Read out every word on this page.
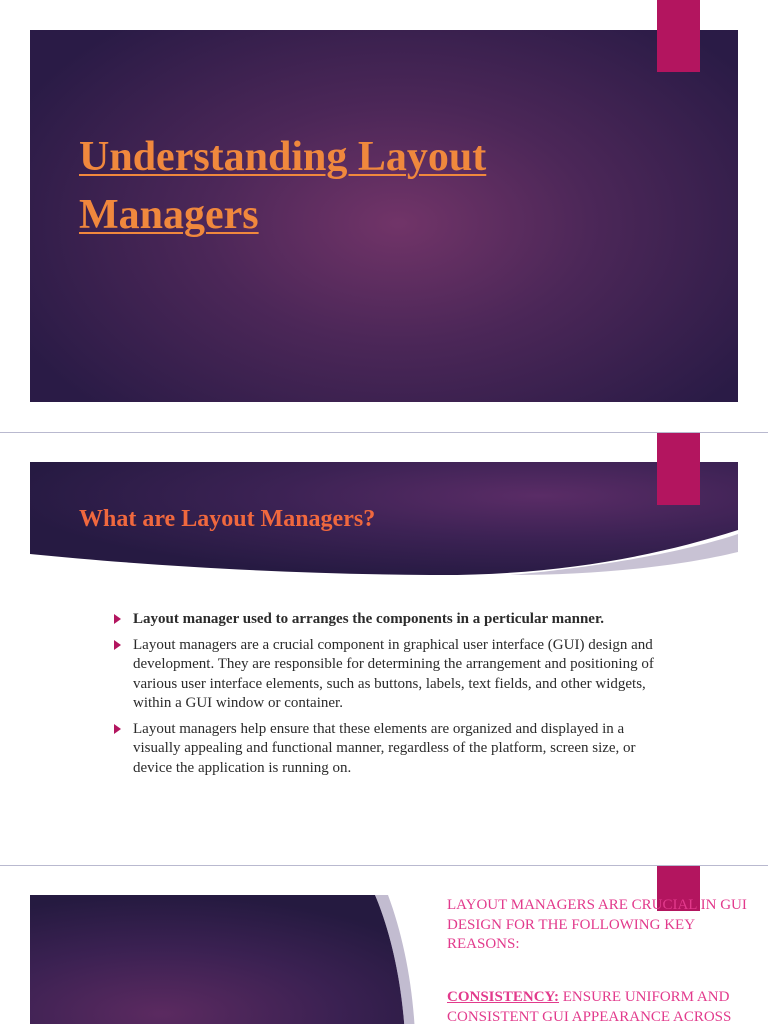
Understanding Layout Managers
What are Layout Managers?
Layout manager used to arranges the components in a perticular manner.
Layout managers are a crucial component in graphical user interface (GUI) design and development. They are responsible for determining the arrangement and positioning of various user interface elements, such as buttons, labels, text fields, and other widgets, within a GUI window or container.
Layout managers help ensure that these elements are organized and displayed in a visually appealing and functional manner, regardless of the platform, screen size, or device the application is running on.

LAYOUT MANAGERS ARE CRUCIAL IN GUI DESIGN FOR THE FOLLOWING KEY REASONS:

CONSISTENCY: ENSURE UNIFORM AND CONSISTENT GUI APPEARANCE ACROSS
